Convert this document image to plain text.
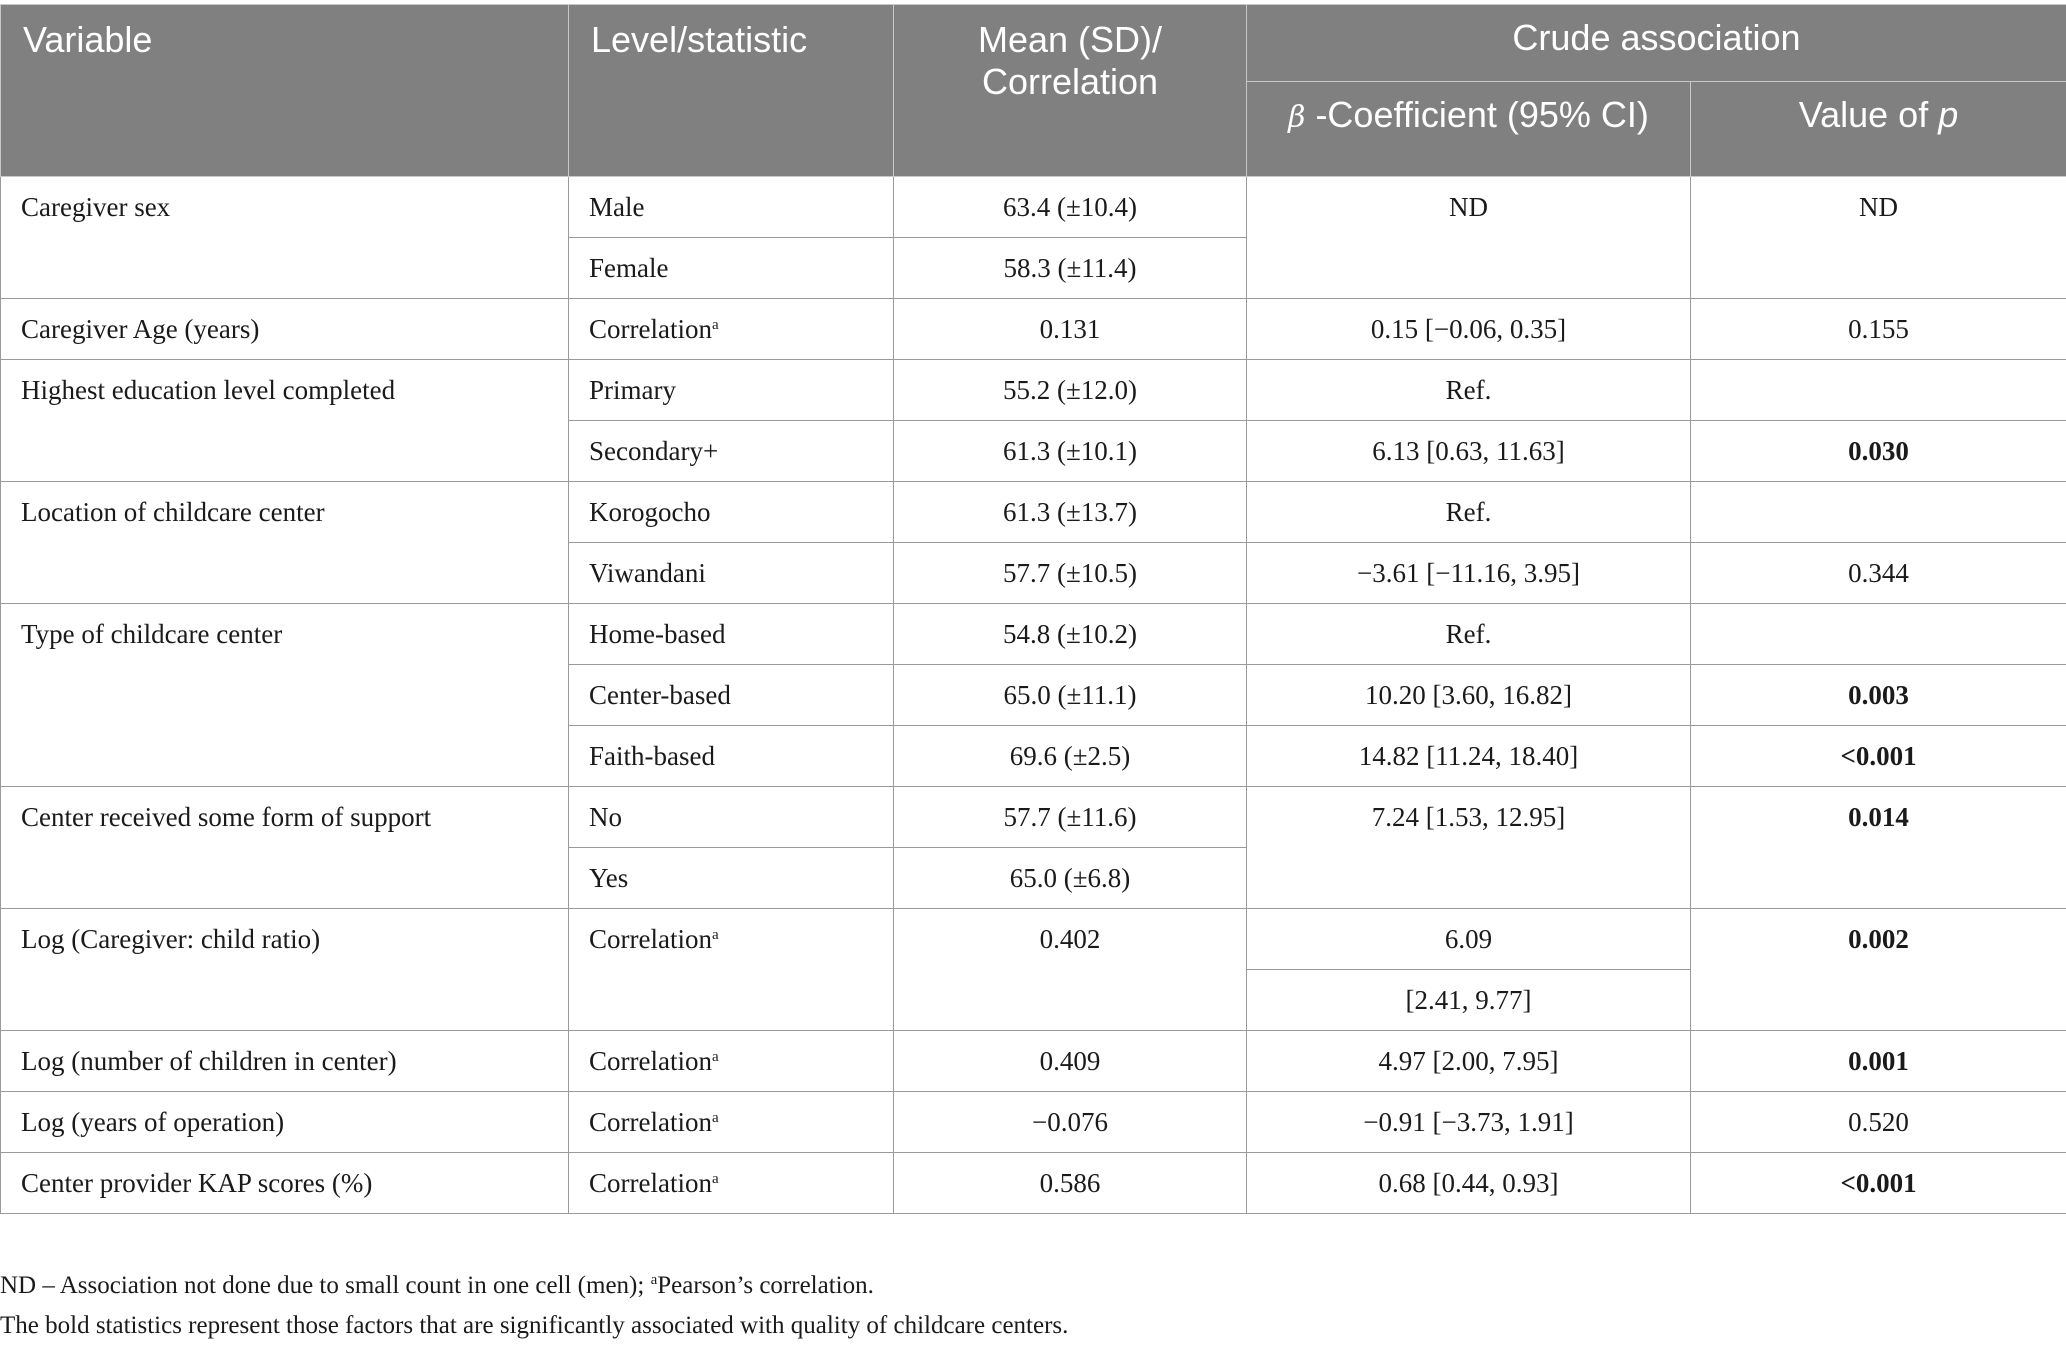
Variable	Level/statistic	Mean (SD)/
Correlation	Crude association	
			β -Coefficient (95% CI)	Value of p
Caregiver sex	Male	63.4 (±10.4)	ND	ND
	Female	58.3 (±11.4)		
Caregiver Age (years)	Correlation$^a$	0.131	0.15 [−0.06, 0.35]	0.155
Highest education level completed	Primary	55.2 (±12.0)	Ref.	
	Secondary+	61.3 (±10.1)	6.13 [0.63, 11.63]	0.030
Location of childcare center	Korogocho	61.3 (±13.7)	Ref.	
	Viwandani	57.7 (±10.5)	−3.61 [−11.16, 3.95]	0.344
Type of childcare center	Home-based	54.8 (±10.2)	Ref.	
	Center-based	65.0 (±11.1)	10.20 [3.60, 16.82]	0.003
	Faith-based	69.6 (±2.5)	14.82 [11.24, 18.40]	<0.001
Center received some form of support	No	57.7 (±11.6)	7.24 [1.53, 12.95]	0.014
	Yes	65.0 (±6.8)		
Log (Caregiver: child ratio)	Correlation$^a$	0.402	6.09	0.002
			[2.41, 9.77]	
Log (number of children in center)	Correlation$^a$	0.409	4.97 [2.00, 7.95]	0.001
Log (years of operation)	Correlation$^a$	−0.076	−0.91 [−3.73, 1.91]	0.520
Center provider KAP scores (%)	Correlation$^a$	0.586	0.68 [0.44, 0.93]	<0.001

ND – Association not done due to small count in one cell (men); $^a$Pearson’s correlation.

The bold statistics represent those factors that are significantly associated with quality of childcare centers.
